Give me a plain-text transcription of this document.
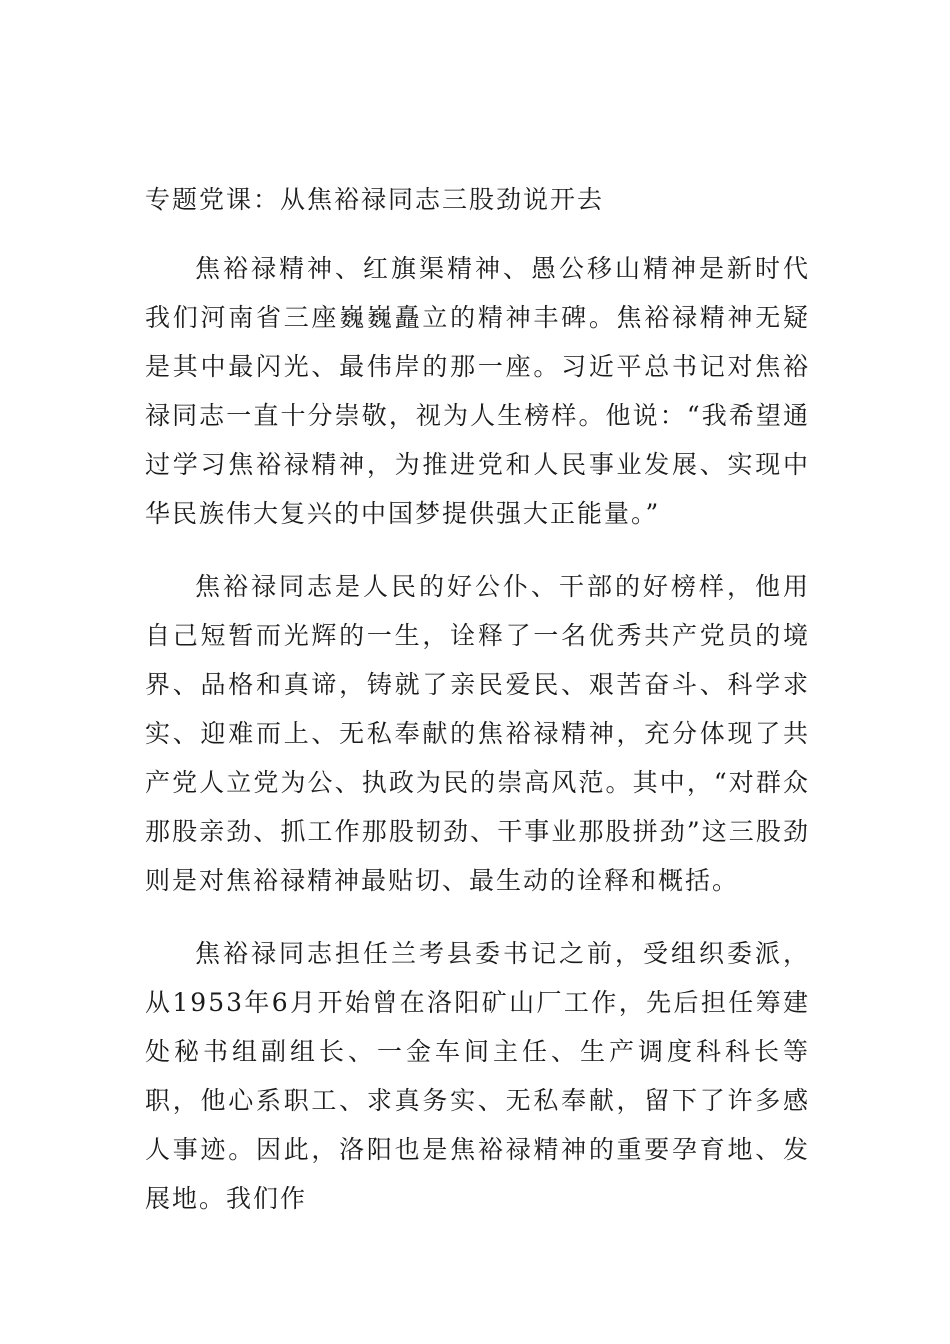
专题党课：从焦裕禄同志三股劲说开去

焦裕禄精神、红旗渠精神、愚公移山精神是新时代我们河南省三座巍巍矗立的精神丰碑。焦裕禄精神无疑是其中最闪光、最伟岸的那一座。习近平总书记对焦裕禄同志一直十分崇敬，视为人生榜样。他说：“我希望通过学习焦裕禄精神，为推进党和人民事业发展、实现中华民族伟大复兴的中国梦提供强大正能量。”

焦裕禄同志是人民的好公仆、干部的好榜样，他用自己短暂而光辉的一生，诠释了一名优秀共产党员的境界、品格和真谛，铸就了亲民爱民、艰苦奋斗、科学求实、迎难而上、无私奉献的焦裕禄精神，充分体现了共产党人立党为公、执政为民的崇高风范。其中，“对群众那股亲劲、抓工作那股韧劲、干事业那股拼劲”这三股劲则是对焦裕禄精神最贴切、最生动的诠释和概括。

焦裕禄同志担任兰考县委书记之前，受组织委派，从1953年6月开始曾在洛阳矿山厂工作，先后担任筹建处秘书组副组长、一金车间主任、生产调度科科长等职，他心系职工、求真务实、无私奉献，留下了许多感人事迹。因此，洛阳也是焦裕禄精神的重要孕育地、发展地。我们作
